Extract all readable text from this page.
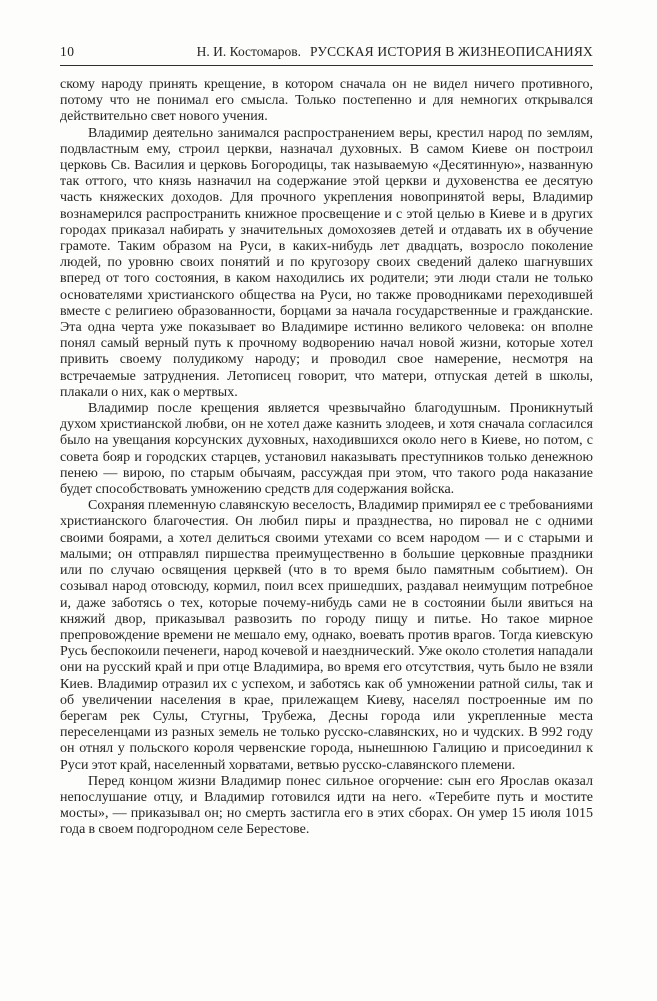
10	Н. И. Костомаров. РУССКАЯ ИСТОРИЯ В ЖИЗНЕОПИСАНИЯХ

скому народу принять крещение, в котором сначала он не видел ничего противного, потому что не понимал его смысла. Только постепенно и для немногих открывался действительно свет нового учения.

Владимир деятельно занимался распространением веры, крестил народ по землям, подвластным ему, строил церкви, назначал духовных. В самом Киеве он построил церковь Св. Василия и церковь Богородицы, так называемую «Десятинную», названную так оттого, что князь назначил на содержание этой церкви и духовенства ее десятую часть княжеских доходов. Для прочного укрепления новопринятой веры, Владимир вознамерился распространить книжное просвещение и с этой целью в Киеве и в других городах приказал набирать у значительных домохозяев детей и отдавать их в обучение грамоте. Таким образом на Руси, в каких-нибудь лет двадцать, возросло поколение людей, по уровню своих понятий и по кругозору своих сведений далеко шагнувших вперед от того состояния, в каком находились их родители; эти люди стали не только основателями христианского общества на Руси, но также проводниками переходившей вместе с религиею образованности, борцами за начала государственные и гражданские. Эта одна черта уже показывает во Владимире истинно великого человека: он вполне понял самый верный путь к прочному водворению начал новой жизни, которые хотел привить своему полудикому народу; и проводил свое намерение, несмотря на встречаемые затруднения. Летописец говорит, что матери, отпуская детей в школы, плакали о них, как о мертвых.

Владимир после крещения является чрезвычайно благодушным. Проникнутый духом христианской любви, он не хотел даже казнить злодеев, и хотя сначала согласился было на увещания корсунских духовных, находившихся около него в Киеве, но потом, с совета бояр и городских старцев, установил наказывать преступников только денежною пенею — вирою, по старым обычаям, рассуждая при этом, что такого рода наказание будет способствовать умножению средств для содержания войска.

Сохраняя племенную славянскую веселость, Владимир примирял ее с требованиями христианского благочестия. Он любил пиры и празднества, но пировал не с одними своими боярами, а хотел делиться своими утехами со всем народом — и с старыми и малыми; он отправлял пиршества преимущественно в большие церковные праздники или по случаю освящения церквей (что в то время было памятным событием). Он созывал народ отовсюду, кормил, поил всех пришедших, раздавал неимущим потребное и, даже заботясь о тех, которые почему-нибудь сами не в состоянии были явиться на княжий двор, приказывал развозить по городу пищу и питье. Но такое мирное препровождение времени не мешало ему, однако, воевать против врагов. Тогда киевскую Русь беспокоили печенеги, народ кочевой и наезднический. Уже около столетия нападали они на русский край и при отце Владимира, во время его отсутствия, чуть было не взяли Киев. Владимир отразил их с успехом, и заботясь как об умножении ратной силы, так и об увеличении населения в крае, прилежащем Киеву, населял построенные им по берегам рек Сулы, Стугны, Трубежа, Десны города или укрепленные места переселенцами из разных земель не только русско-славянских, но и чудских. В 992 году он отнял у польского короля червенские города, нынешнюю Галицию и присоединил к Руси этот край, населенный хорватами, ветвью русско-славянского племени.

Перед концом жизни Владимир понес сильное огорчение: сын его Ярослав оказал непослушание отцу, и Владимир готовился идти на него. «Теребите путь и мостите мосты», — приказывал он; но смерть застигла его в этих сборах. Он умер 15 июля 1015 года в своем подгородном селе Берестове.
